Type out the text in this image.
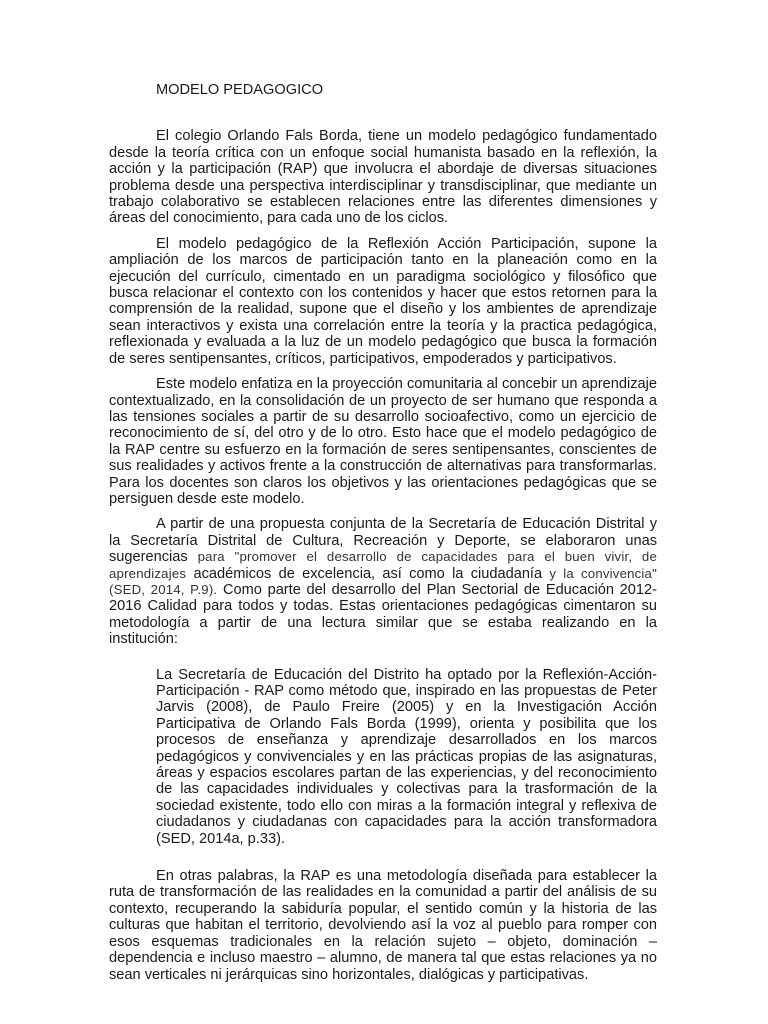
MODELO PEDAGOGICO

El colegio Orlando Fals Borda, tiene un modelo pedagógico fundamentado desde la teoría crítica con un enfoque social humanista basado en la reflexión, la acción y la participación (RAP) que involucra el abordaje de diversas situaciones problema desde una perspectiva interdisciplinar y transdisciplinar, que mediante un trabajo colaborativo se establecen relaciones entre las diferentes dimensiones y áreas del conocimiento, para cada uno de los ciclos.

El modelo pedagógico de la Reflexión Acción Participación, supone la ampliación de los marcos de participación tanto en la planeación como en la ejecución del currículo, cimentado en un paradigma sociológico y filosófico que busca relacionar el contexto con los contenidos y hacer que estos retornen para la comprensión de la realidad, supone que el diseño y los ambientes de aprendizaje sean interactivos y exista una correlación entre la teoría y la practica pedagógica, reflexionada y evaluada a la luz de un modelo pedagógico que busca la formación de seres sentipensantes, críticos, participativos, empoderados y participativos.

Este modelo enfatiza en la proyección comunitaria al concebir un aprendizaje contextualizado, en la consolidación de un proyecto de ser humano que responda a las tensiones sociales a partir de su desarrollo socioafectivo, como un ejercicio de reconocimiento de sí, del otro y de lo otro. Esto hace que el modelo pedagógico de la RAP centre su esfuerzo en la formación de seres sentipensantes, conscientes de sus realidades y activos frente a la construcción de alternativas para transformarlas. Para los docentes son claros los objetivos y las orientaciones pedagógicas que se persiguen desde este modelo.

A partir de una propuesta conjunta de la Secretaría de Educación Distrital y la Secretaría Distrital de Cultura, Recreación y Deporte, se elaboraron unas sugerencias para "promover el desarrollo de capacidades para el buen vivir, de aprendizajes académicos de excelencia, así como la ciudadanía y la convivencia" (SED, 2014, P.9). Como parte del desarrollo del Plan Sectorial de Educación 2012-2016 Calidad para todos y todas. Estas orientaciones pedagógicas cimentaron su metodología a partir de una lectura similar que se estaba realizando en la institución:

La Secretaría de Educación del Distrito ha optado por la Reflexión-Acción-Participación - RAP como método que, inspirado en las propuestas de Peter Jarvis (2008), de Paulo Freire (2005) y en la Investigación Acción Participativa de Orlando Fals Borda (1999), orienta y posibilita que los procesos de enseñanza y aprendizaje desarrollados en los marcos pedagógicos y convivenciales y en las prácticas propias de las asignaturas, áreas y espacios escolares partan de las experiencias, y del reconocimiento de las capacidades individuales y colectivas para la trasformación de la sociedad existente, todo ello con miras a la formación integral y reflexiva de ciudadanos y ciudadanas con capacidades para la acción transformadora (SED, 2014a, p.33).

En otras palabras, la RAP es una metodología diseñada para establecer la ruta de transformación de las realidades en la comunidad a partir del análisis de su contexto, recuperando la sabiduría popular, el sentido común y la historia de las culturas que habitan el territorio, devolviendo así la voz al pueblo para romper con esos esquemas tradicionales en la relación sujeto – objeto, dominación – dependencia e incluso maestro – alumno, de manera tal que estas relaciones ya no sean verticales ni jerárquicas sino horizontales, dialógicas y participativas.
